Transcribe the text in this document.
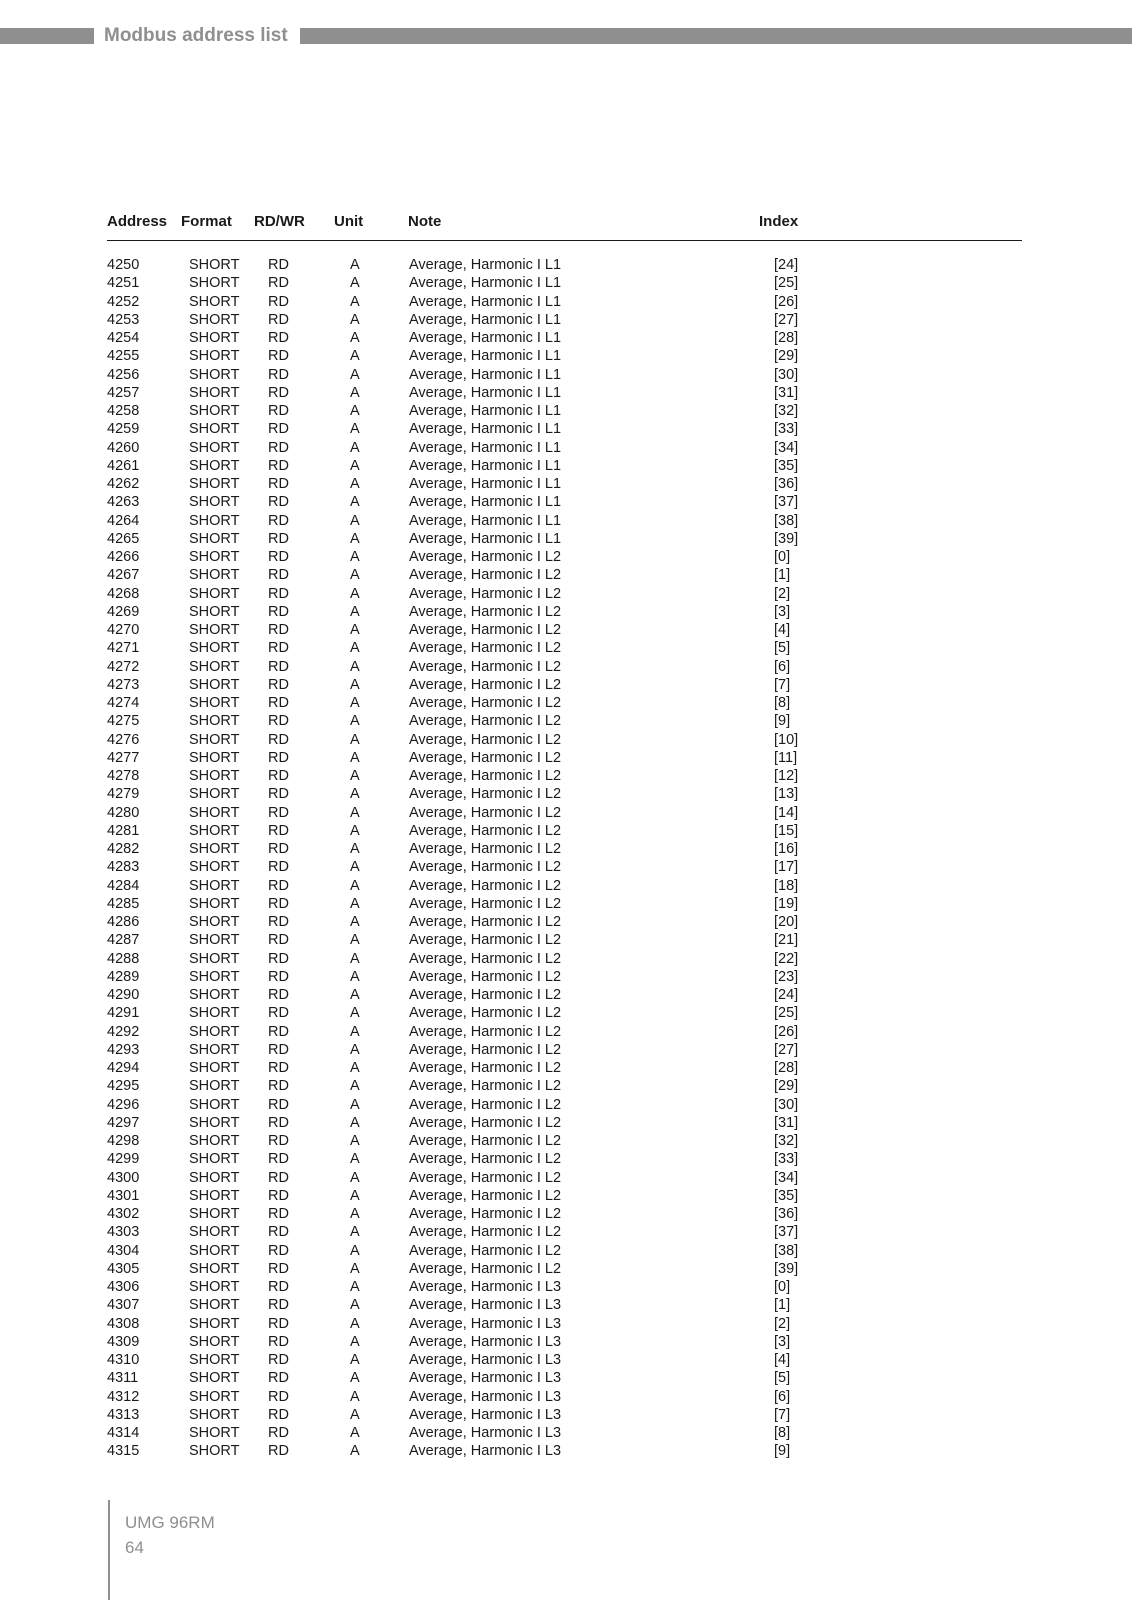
Modbus address list
Address Format RD/WR Unit	Note	Index
4250	SHORT RD	A	Average, Harmonic I L1	[24]
4251	SHORT RD	A	Average, Harmonic I L1	[25]
4252	SHORT RD	A	Average, Harmonic I L1	[26]
4253	SHORT RD	A	Average, Harmonic I L1	[27]
4254	SHORT RD	A	Average, Harmonic I L1	[28]
4255	SHORT RD	A	Average, Harmonic I L1	[29]
4256	SHORT RD	A	Average, Harmonic I L1	[30]
4257	SHORT RD	A	Average, Harmonic I L1	[31]
4258	SHORT RD	A	Average, Harmonic I L1	[32]
4259	SHORT RD	A	Average, Harmonic I L1	[33]
4260	SHORT RD	A	Average, Harmonic I L1	[34]
4261	SHORT RD	A	Average, Harmonic I L1	[35]
4262	SHORT RD	A	Average, Harmonic I L1	[36]
4263	SHORT RD	A	Average, Harmonic I L1	[37]
4264	SHORT RD	A	Average, Harmonic I L1	[38]
4265	SHORT RD	A	Average, Harmonic I L1	[39]
4266	SHORT RD	A	Average, Harmonic I L2	[0]
4267	SHORT RD	A	Average, Harmonic I L2	[1]
4268	SHORT RD	A	Average, Harmonic I L2	[2]
4269	SHORT RD	A	Average, Harmonic I L2	[3]
4270	SHORT RD	A	Average, Harmonic I L2	[4]
4271	SHORT RD	A	Average, Harmonic I L2	[5]
4272	SHORT RD	A	Average, Harmonic I L2	[6]
4273	SHORT RD	A	Average, Harmonic I L2	[7]
4274	SHORT RD	A	Average, Harmonic I L2	[8]
4275	SHORT RD	A	Average, Harmonic I L2	[9]
4276	SHORT RD	A	Average, Harmonic I L2	[10]
4277	SHORT RD	A	Average, Harmonic I L2	[11]
4278	SHORT RD	A	Average, Harmonic I L2	[12]
4279	SHORT RD	A	Average, Harmonic I L2	[13]
4280	SHORT RD	A	Average, Harmonic I L2	[14]
4281	SHORT RD	A	Average, Harmonic I L2	[15]
4282	SHORT RD	A	Average, Harmonic I L2	[16]
4283	SHORT RD	A	Average, Harmonic I L2	[17]
4284	SHORT RD	A	Average, Harmonic I L2	[18]
4285	SHORT RD	A	Average, Harmonic I L2	[19]
4286	SHORT RD	A	Average, Harmonic I L2	[20]
4287	SHORT RD	A	Average, Harmonic I L2	[21]
4288	SHORT RD	A	Average, Harmonic I L2	[22]
4289	SHORT RD	A	Average, Harmonic I L2	[23]
4290	SHORT RD	A	Average, Harmonic I L2	[24]
4291	SHORT RD	A	Average, Harmonic I L2	[25]
4292	SHORT RD	A	Average, Harmonic I L2	[26]
4293	SHORT RD	A	Average, Harmonic I L2	[27]
4294	SHORT RD	A	Average, Harmonic I L2	[28]
4295	SHORT RD	A	Average, Harmonic I L2	[29]
4296	SHORT RD	A	Average, Harmonic I L2	[30]
4297	SHORT RD	A	Average, Harmonic I L2	[31]
4298	SHORT RD	A	Average, Harmonic I L2	[32]
4299	SHORT RD	A	Average, Harmonic I L2	[33]
4300	SHORT RD	A	Average, Harmonic I L2	[34]
4301	SHORT RD	A	Average, Harmonic I L2	[35]
4302	SHORT RD	A	Average, Harmonic I L2	[36]
4303	SHORT RD	A	Average, Harmonic I L2	[37]
4304	SHORT RD	A	Average, Harmonic I L2	[38]
4305	SHORT RD	A	Average, Harmonic I L2	[39]
4306	SHORT RD	A	Average, Harmonic I L3	[0]
4307	SHORT RD	A	Average, Harmonic I L3	[1]
4308	SHORT RD	A	Average, Harmonic I L3	[2]
4309	SHORT RD	A	Average, Harmonic I L3	[3]
4310	SHORT RD	A	Average, Harmonic I L3	[4]
4311	SHORT RD	A	Average, Harmonic I L3	[5]
4312	SHORT RD	A	Average, Harmonic I L3	[6]
4313	SHORT RD	A	Average, Harmonic I L3	[7]
4314	SHORT RD	A	Average, Harmonic I L3	[8]
4315	SHORT RD	A	Average, Harmonic I L3	[9]
UMG 96RM
64
